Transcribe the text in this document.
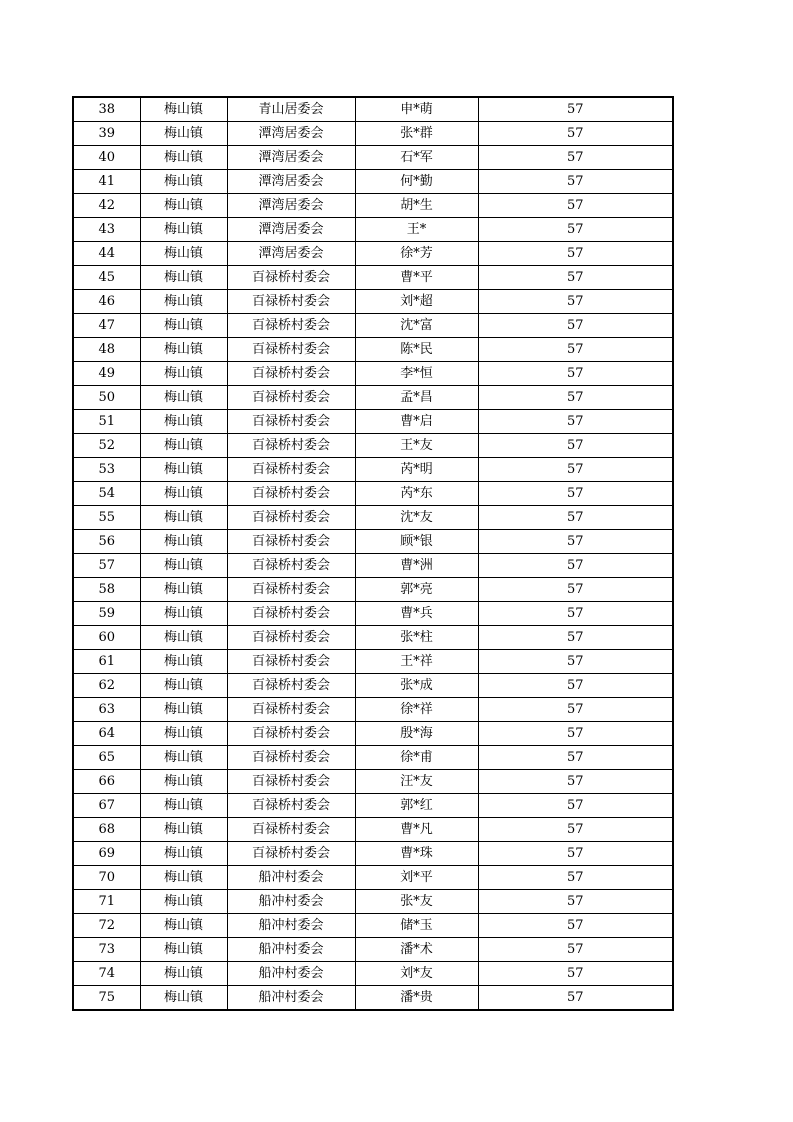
38	梅山镇	青山居委会	申*萌	57
39	梅山镇	潭湾居委会	张*群	57
40	梅山镇	潭湾居委会	石*军	57
41	梅山镇	潭湾居委会	何*勤	57
42	梅山镇	潭湾居委会	胡*生	57
43	梅山镇	潭湾居委会	王*	57
44	梅山镇	潭湾居委会	徐*芳	57
45	梅山镇	百禄桥村委会	曹*平	57
46	梅山镇	百禄桥村委会	刘*超	57
47	梅山镇	百禄桥村委会	沈*富	57
48	梅山镇	百禄桥村委会	陈*民	57
49	梅山镇	百禄桥村委会	李*恒	57
50	梅山镇	百禄桥村委会	孟*昌	57
51	梅山镇	百禄桥村委会	曹*启	57
52	梅山镇	百禄桥村委会	王*友	57
53	梅山镇	百禄桥村委会	芮*明	57
54	梅山镇	百禄桥村委会	芮*东	57
55	梅山镇	百禄桥村委会	沈*友	57
56	梅山镇	百禄桥村委会	顾*银	57
57	梅山镇	百禄桥村委会	曹*洲	57
58	梅山镇	百禄桥村委会	郭*亮	57
59	梅山镇	百禄桥村委会	曹*兵	57
60	梅山镇	百禄桥村委会	张*柱	57
61	梅山镇	百禄桥村委会	王*祥	57
62	梅山镇	百禄桥村委会	张*成	57
63	梅山镇	百禄桥村委会	徐*祥	57
64	梅山镇	百禄桥村委会	殷*海	57
65	梅山镇	百禄桥村委会	徐*甫	57
66	梅山镇	百禄桥村委会	汪*友	57
67	梅山镇	百禄桥村委会	郭*红	57
68	梅山镇	百禄桥村委会	曹*凡	57
69	梅山镇	百禄桥村委会	曹*珠	57
70	梅山镇	船冲村委会	刘*平	57
71	梅山镇	船冲村委会	张*友	57
72	梅山镇	船冲村委会	储*玉	57
73	梅山镇	船冲村委会	潘*术	57
74	梅山镇	船冲村委会	刘*友	57
75	梅山镇	船冲村委会	潘*贵	57
